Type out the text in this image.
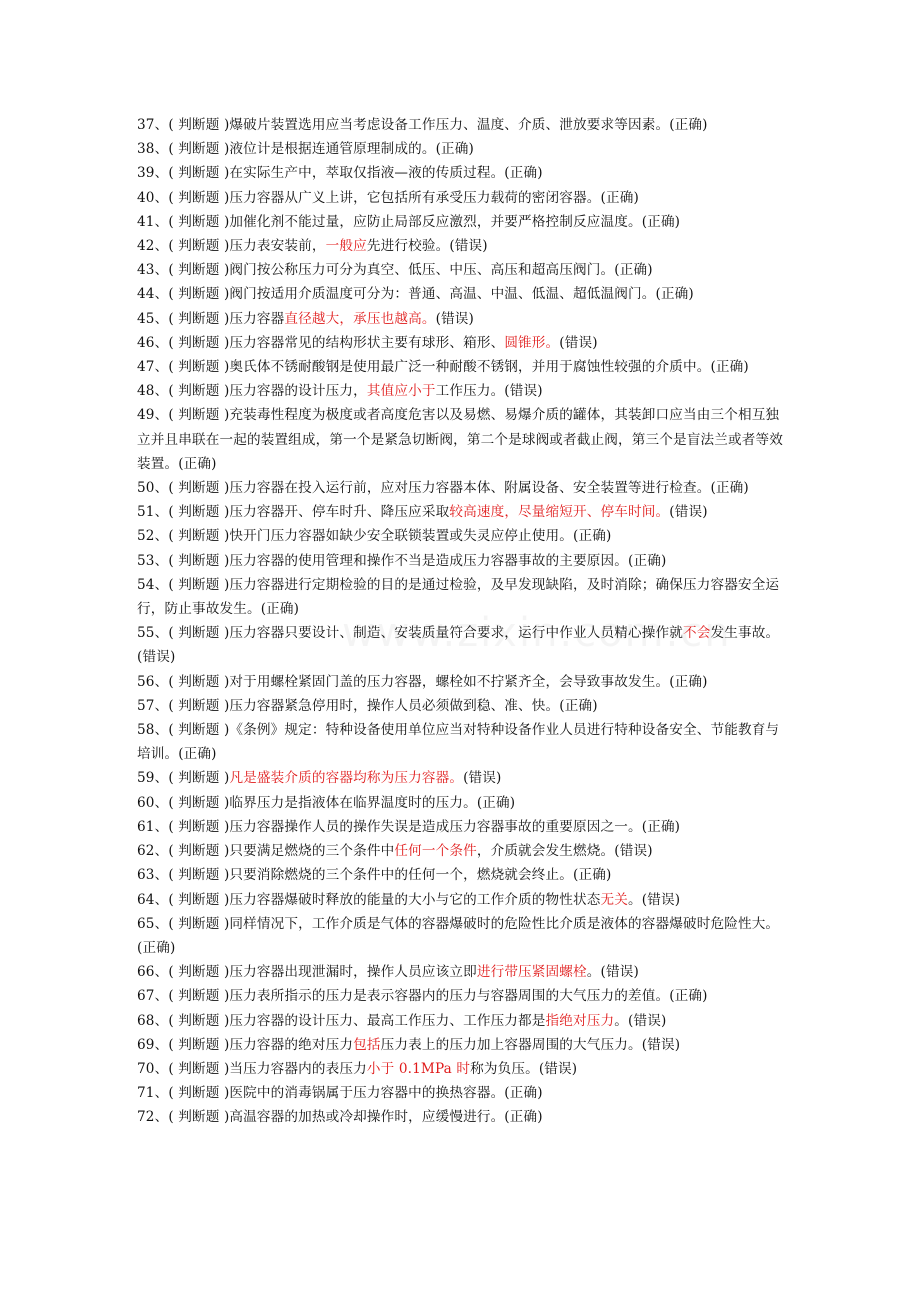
37、( 判断题 )爆破片装置选用应当考虑设备工作压力、温度、介质、泄放要求等因素。(正确)

38、( 判断题 )液位计是根据连通管原理制成的。(正确)

39、( 判断题 )在实际生产中，萃取仅指液—液的传质过程。(正确)

40、( 判断题 )压力容器从广义上讲，它包括所有承受压力载荷的密闭容器。(正确)

41、( 判断题 )加催化剂不能过量，应防止局部反应激烈，并要严格控制反应温度。(正确)

42、( 判断题 )压力表安装前，一般应先进行校验。(错误)

43、( 判断题 )阀门按公称压力可分为真空、低压、中压、高压和超高压阀门。(正确)

44、( 判断题 )阀门按适用介质温度可分为：普通、高温、中温、低温、超低温阀门。(正确)

45、( 判断题 )压力容器直径越大，承压也越高。(错误)

46、( 判断题 )压力容器常见的结构形状主要有球形、箱形、圆锥形。(错误)

47、( 判断题 )奥氏体不锈耐酸钢是使用最广泛一种耐酸不锈钢，并用于腐蚀性较强的介质中。(正确)

48、( 判断题 )压力容器的设计压力，其值应小于工作压力。(错误)

49、( 判断题 )充装毒性程度为极度或者高度危害以及易燃、易爆介质的罐体，其装卸口应当由三个相互独立并且串联在一起的装置组成，第一个是紧急切断阀，第二个是球阀或者截止阀，第三个是盲法兰或者等效装置。(正确)

50、( 判断题 )压力容器在投入运行前，应对压力容器本体、附属设备、安全装置等进行检查。(正确)

51、( 判断题 )压力容器开、停车时升、降压应采取较高速度，尽量缩短开、停车时间。(错误)

52、( 判断题 )快开门压力容器如缺少安全联锁装置或失灵应停止使用。(正确)

53、( 判断题 )压力容器的使用管理和操作不当是造成压力容器事故的主要原因。(正确)

54、( 判断题 )压力容器进行定期检验的目的是通过检验，及早发现缺陷，及时消除；确保压力容器安全运行，防止事故发生。(正确)

55、( 判断题 )压力容器只要设计、制造、安装质量符合要求，运行中作业人员精心操作就不会发生事故。(错误)

56、( 判断题 )对于用螺栓紧固门盖的压力容器，螺栓如不拧紧齐全，会导致事故发生。(正确)

57、( 判断题 )压力容器紧急停用时，操作人员必须做到稳、准、快。(正确)

58、( 判断题 )《条例》规定：特种设备使用单位应当对特种设备作业人员进行特种设备安全、节能教育与培训。(正确)

59、( 判断题 )凡是盛装介质的容器均称为压力容器。(错误)

60、( 判断题 )临界压力是指液体在临界温度时的压力。(正确)

61、( 判断题 )压力容器操作人员的操作失误是造成压力容器事故的重要原因之一。(正确)

62、( 判断题 )只要满足燃烧的三个条件中任何一个条件，介质就会发生燃烧。(错误)

63、( 判断题 )只要消除燃烧的三个条件中的任何一个，燃烧就会终止。(正确)

64、( 判断题 )压力容器爆破时释放的能量的大小与它的工作介质的物性状态无关。(错误)

65、( 判断题 )同样情况下，工作介质是气体的容器爆破时的危险性比介质是液体的容器爆破时危险性大。(正确)

66、( 判断题 )压力容器出现泄漏时，操作人员应该立即进行带压紧固螺栓。(错误)

67、( 判断题 )压力表所指示的压力是表示容器内的压力与容器周围的大气压力的差值。(正确)

68、( 判断题 )压力容器的设计压力、最高工作压力、工作压力都是指绝对压力。(错误)

69、( 判断题 )压力容器的绝对压力包括压力表上的压力加上容器周围的大气压力。(错误)

70、( 判断题 )当压力容器内的表压力小于 0.1MPa 时称为负压。(错误)

71、( 判断题 )医院中的消毒锅属于压力容器中的换热容器。(正确)

72、( 判断题 )高温容器的加热或冷却操作时，应缓慢进行。(正确)
